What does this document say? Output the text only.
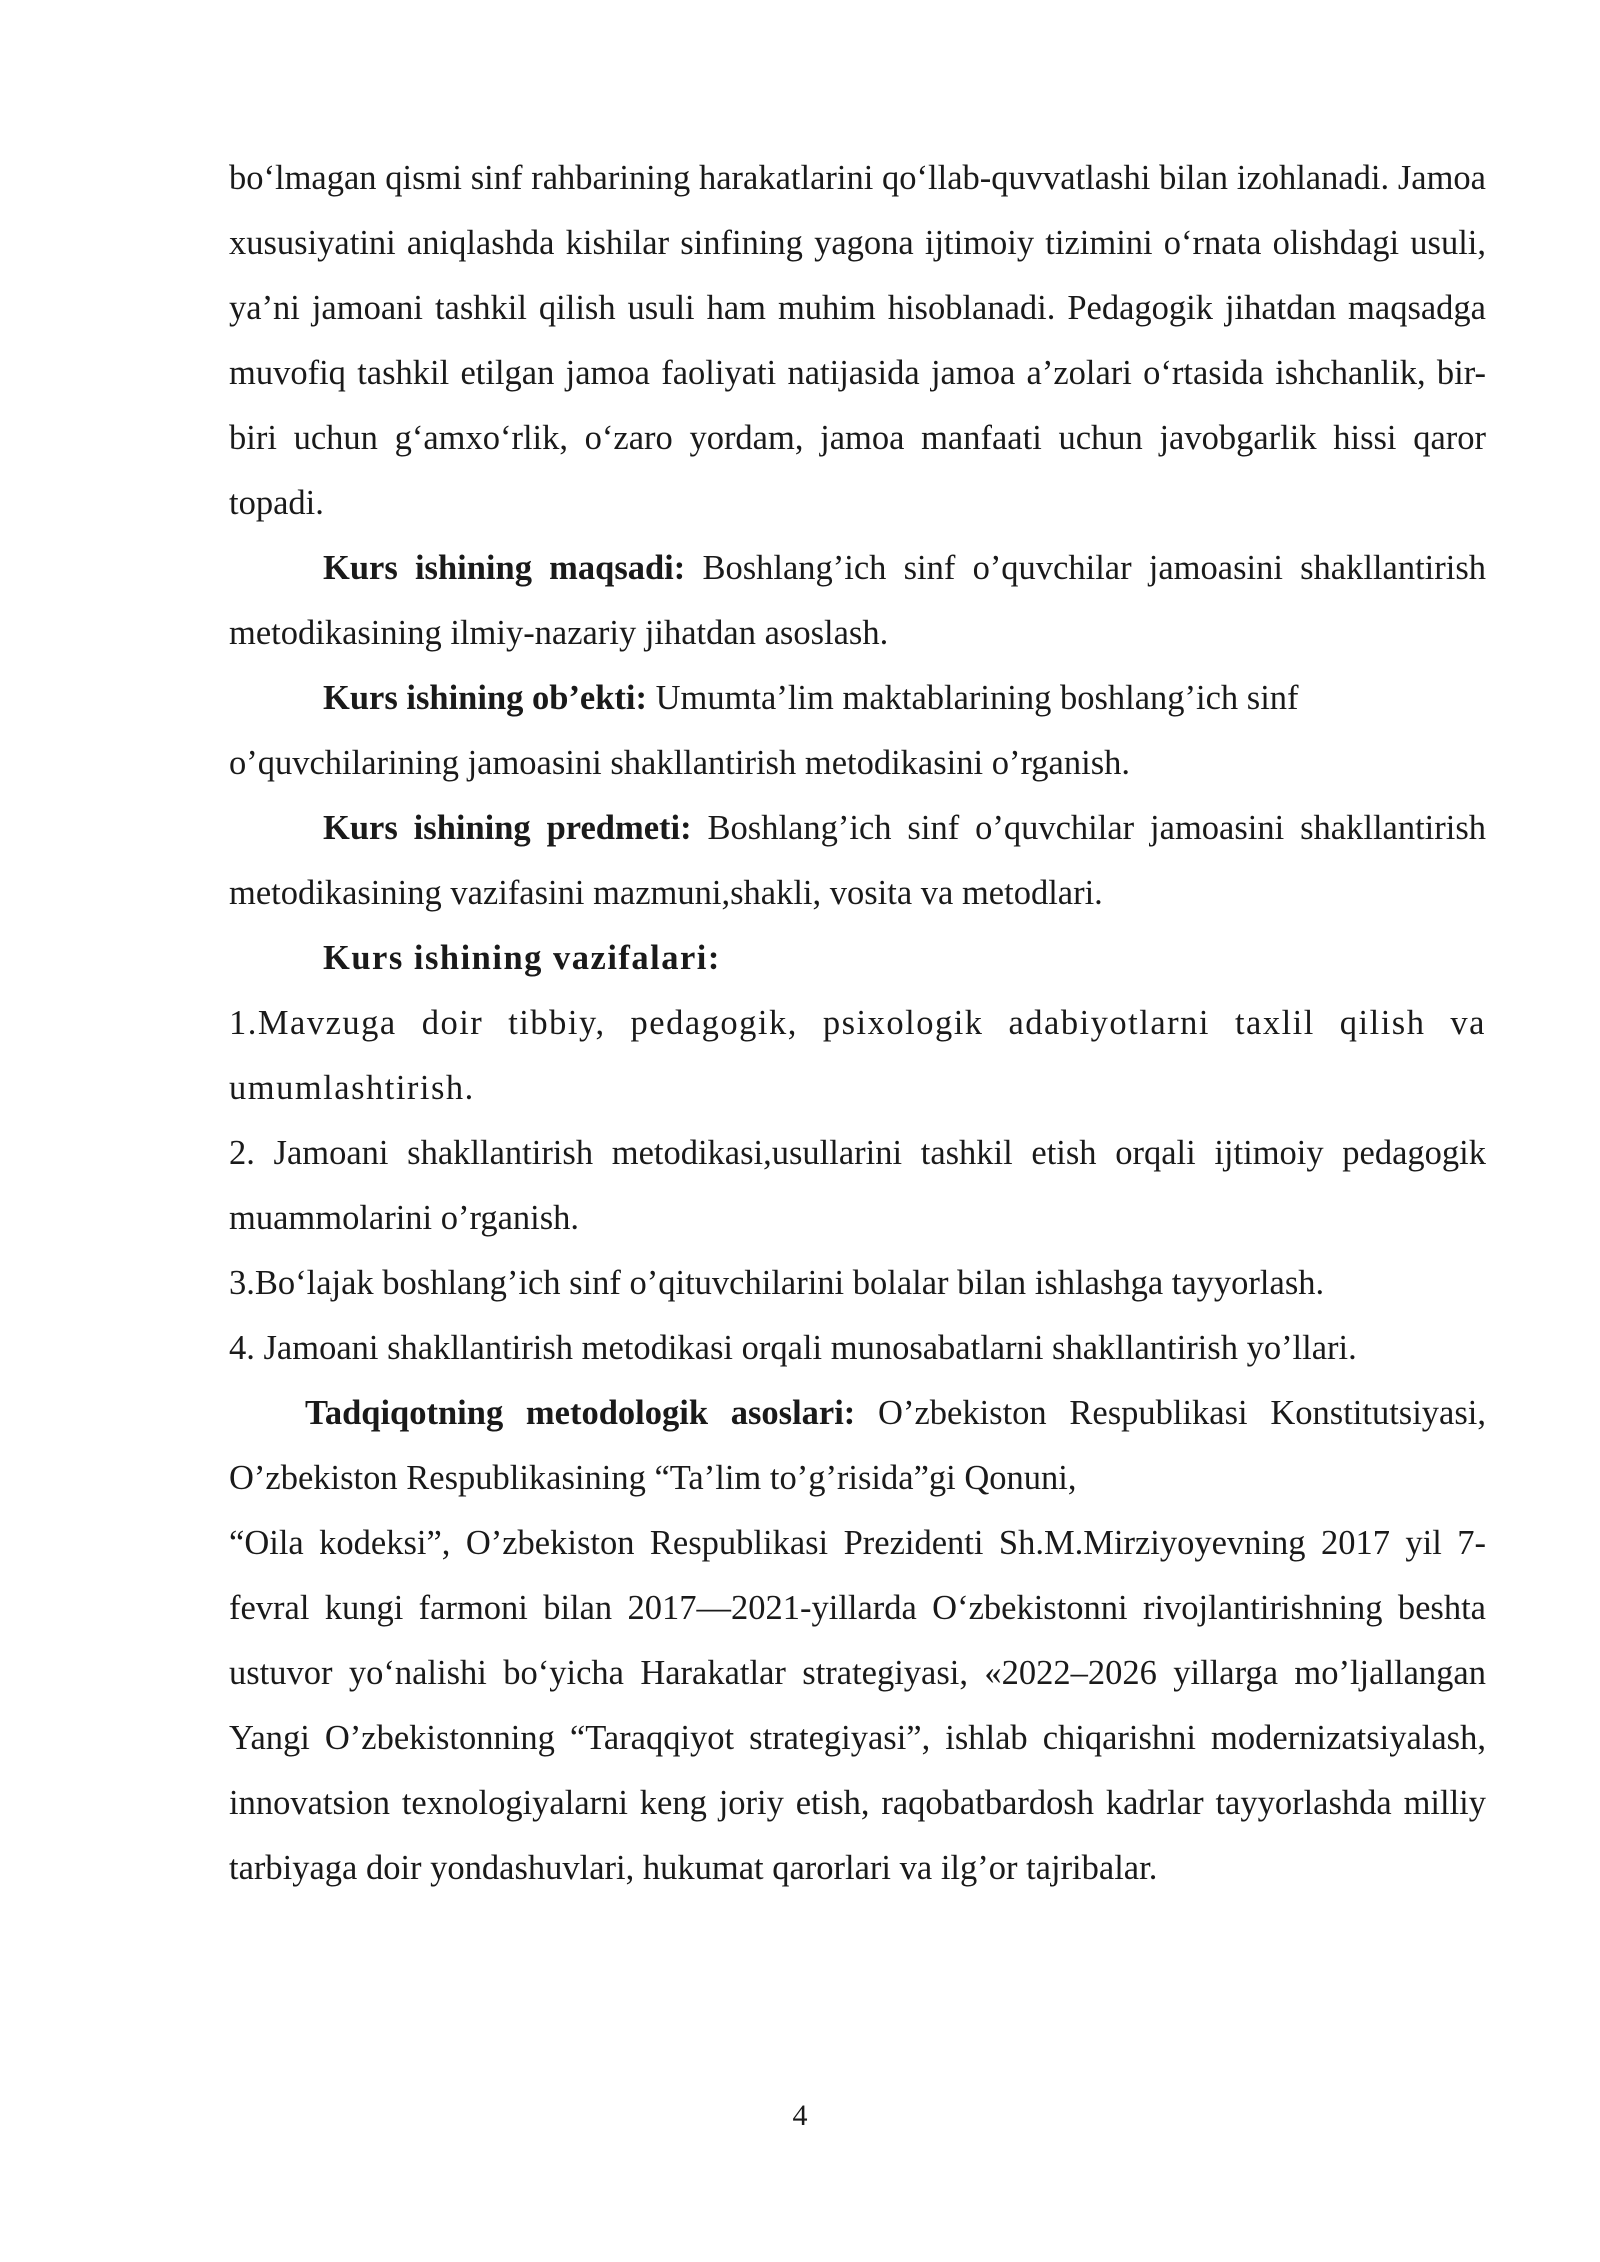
bo‘lmagan qismi sinf rahbarining harakatlarini qo‘llab-quvvatlashi bilan izohlanadi. Jamoa xususiyatini aniqlashda kishilar sinfining yagona ijtimoiy tizimini o‘rnata olishdagi usuli, ya’ni jamoani tashkil qilish usuli ham muhim hisoblanadi. Pedagogik jihatdan maqsadga muvofiq tashkil etilgan jamoa faoliyati natijasida jamoa a’zolari o‘rtasida ishchanlik, bir-biri uchun g‘amxo‘rlik, o‘zaro yordam, jamoa manfaati uchun javobgarlik hissi qaror topadi.

Kurs ishining maqsadi: Boshlang’ich sinf o’quvchilar jamoasini shakllantirish metodikasining ilmiy-nazariy jihatdan asoslash.

Kurs ishining ob’ekti: Umumta’lim maktablarining boshlang’ich sinf

o’quvchilarining jamoasini shakllantirish metodikasini o’rganish.

Kurs ishining predmeti: Boshlang’ich sinf o’quvchilar jamoasini shakllantirish metodikasining vazifasini mazmuni,shakli, vosita va metodlari.

Kurs ishining vazifalari:

1.Mavzuga doir tibbiy, pedagogik, psixologik adabiyotlarni taxlil qilish va umumlashtirish.

2. Jamoani shakllantirish metodikasi,usullarini tashkil etish orqali ijtimoiy pedagogik muammolarini o’rganish.

3.Bo‘lajak boshlang’ich sinf o’qituvchilarini bolalar bilan ishlashga tayyorlash.

4. Jamoani shakllantirish metodikasi orqali munosabatlarni shakllantirish yo’llari.

Tadqiqotning metodologik asoslari: O’zbekiston Respublikasi Konstitutsiyasi, O’zbekiston Respublikasining “Ta’lim to’g’risida”gi Qonuni,

“Oila kodeksi”, O’zbekiston Respublikasi Prezidenti Sh.M.Mirziyoyevning 2017 yil 7-fevral kungi farmoni bilan 2017—2021-yillarda O‘zbekistonni rivojlantirishning beshta ustuvor yo‘nalishi bo‘yicha Harakatlar strategiyasi, «2022–2026 yillarga mo’ljallangan Yangi O’zbekistonning “Taraqqiyot strategiyasi”, ishlab chiqarishni modernizatsiyalash, innovatsion texnologiyalarni keng joriy etish, raqobatbardosh kadrlar tayyorlashda milliy tarbiyaga doir yondashuvlari, hukumat qarorlari va ilg’or tajribalar.

4
